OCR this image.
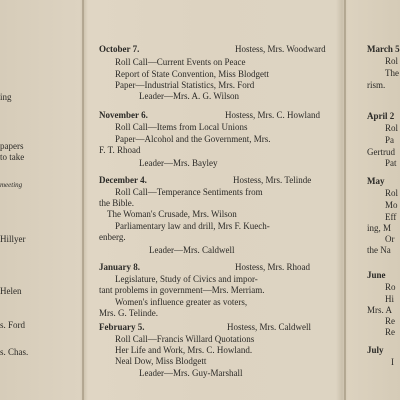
ing
papers
to take
meeting
Hillyer
Helen
s. Ford
s. Chas.
October 7.	Hostess, Mrs. Woodward
Roll Call—Current Events on Peace
Report of State Convention, Miss Blodgett
Paper—Industrial Statistics, Mrs. Ford
Leader—Mrs. A. G. Wilson
November 6.	Hostess, Mrs. C. Howland
Roll Call—Items from Local Unions
Paper—Alcohol and the Government, Mrs.
F. T. Rhoad
Leader—Mrs. Bayley
December 4.	Hostess, Mrs. Telinde
Roll Call—Temperance Sentiments from
the Bible.
The Woman's Crusade, Mrs. Wilson
Parliamentary law and drill, Mrs F. Kuech-
enberg.
Leader—Mrs. Caldwell
January 8.	Hostess, Mrs. Rhoad
Legislature, Study of Civics and impor-
tant problems in government—Mrs. Merriam.
Women's influence greater as voters,
Mrs. G. Telinde.
February 5.	Hostess, Mrs. Caldwell
Roll Call—Francis Willard Quotations
Her Life and Work, Mrs. C. Howland.
Neal Dow, Miss Blodgett
Leader—Mrs. Guy-Marshall
March 5
Rol
The
rism.
April 2
Rol
Pa
Gertrud
Pat
May
Rol
Mo
Eff
ing, M
Or
the Na
June
Ro
Hi
Mrs. A
Re
Re
July
I
